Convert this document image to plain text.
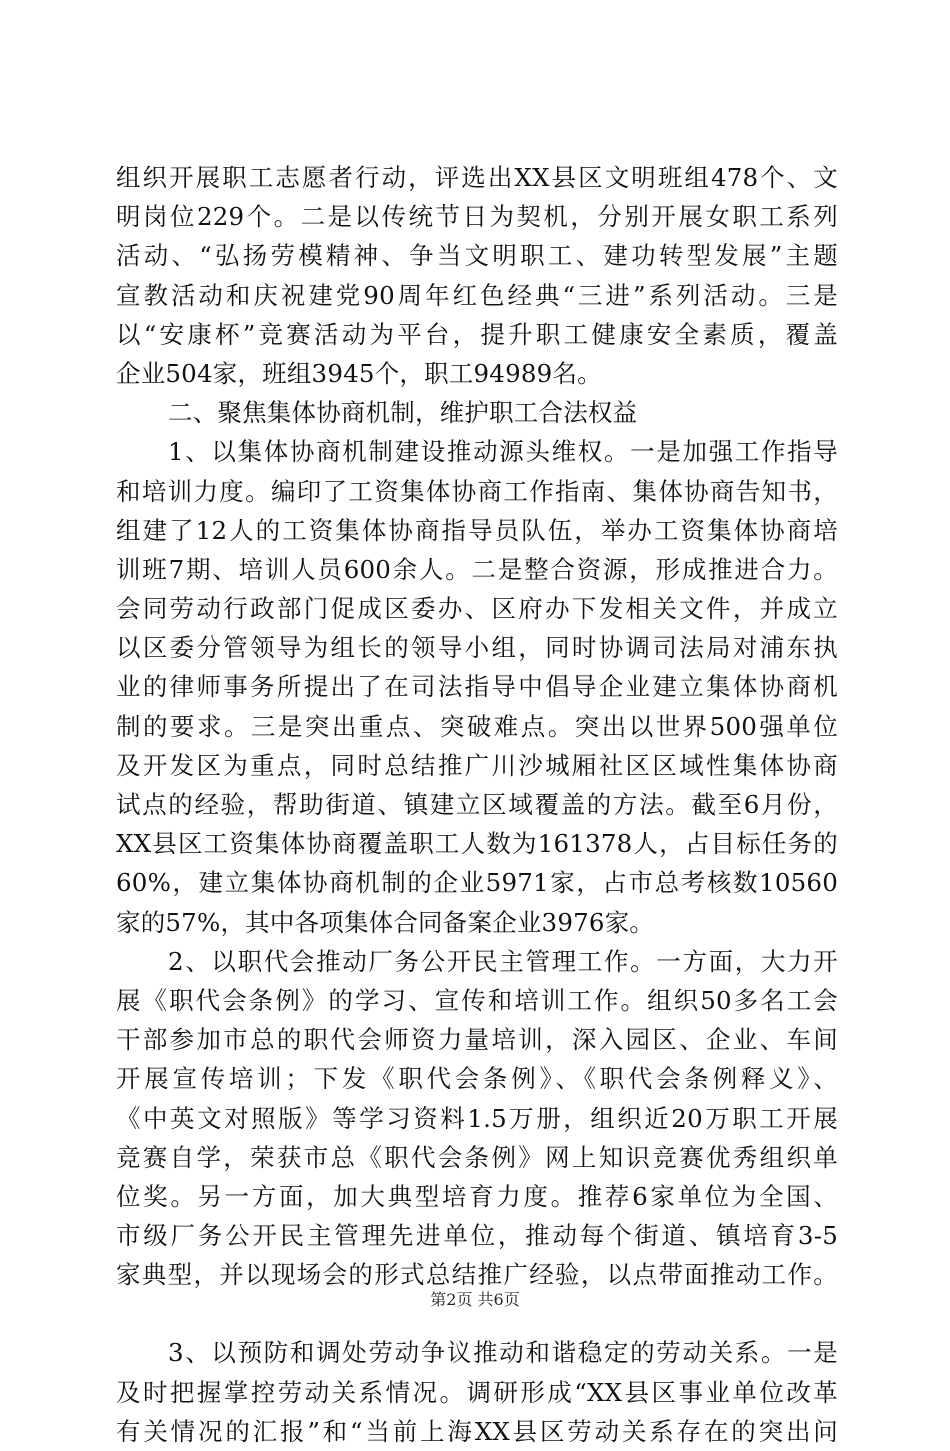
组织开展职工志愿者行动，评选出XX县区文明班组478个、文
明岗位229个。二是以传统节日为契机，分别开展女职工系列
活动、“弘扬劳模精神、争当文明职工、建功转型发展”主题
宣教活动和庆祝建党90周年红色经典“三进”系列活动。三是
以“安康杯”竞赛活动为平台，提升职工健康安全素质，覆盖
企业504家，班组3945个，职工94989名。
二、聚焦集体协商机制，维护职工合法权益
1、以集体协商机制建设推动源头维权。一是加强工作指导
和培训力度。编印了工资集体协商工作指南、集体协商告知书，
组建了12人的工资集体协商指导员队伍，举办工资集体协商培
训班7期、培训人员600余人。二是整合资源，形成推进合力。
会同劳动行政部门促成区委办、区府办下发相关文件，并成立
以区委分管领导为组长的领导小组，同时协调司法局对浦东执
业的律师事务所提出了在司法指导中倡导企业建立集体协商机
制的要求。三是突出重点、突破难点。突出以世界500强单位
及开发区为重点，同时总结推广川沙城厢社区区域性集体协商
试点的经验，帮助街道、镇建立区域覆盖的方法。截至6月份，
XX县区工资集体协商覆盖职工人数为161378人，占目标任务的
60%，建立集体协商机制的企业5971家，占市总考核数10560
家的57%，其中各项集体合同备案企业3976家。
2、以职代会推动厂务公开民主管理工作。一方面，大力开
展《职代会条例》的学习、宣传和培训工作。组织50多名工会
干部参加市总的职代会师资力量培训，深入园区、企业、车间
开展宣传培训；下发《职代会条例》、《职代会条例释义》、
《中英文对照版》等学习资料1.5万册，组织近20万职工开展
竞赛自学，荣获市总《职代会条例》网上知识竞赛优秀组织单
位奖。另一方面，加大典型培育力度。推荐6家单位为全国、
市级厂务公开民主管理先进单位，推动每个街道、镇培育3-5
家典型，并以现场会的形式总结推广经验，以点带面推动工作。
3、以预防和调处劳动争议推动和谐稳定的劳动关系。一是
及时把握掌控劳动关系情况。调研形成“XX县区事业单位改革
有关情况的汇报”和“当前上海XX县区劳动关系存在的突出问
第2页 共6页
